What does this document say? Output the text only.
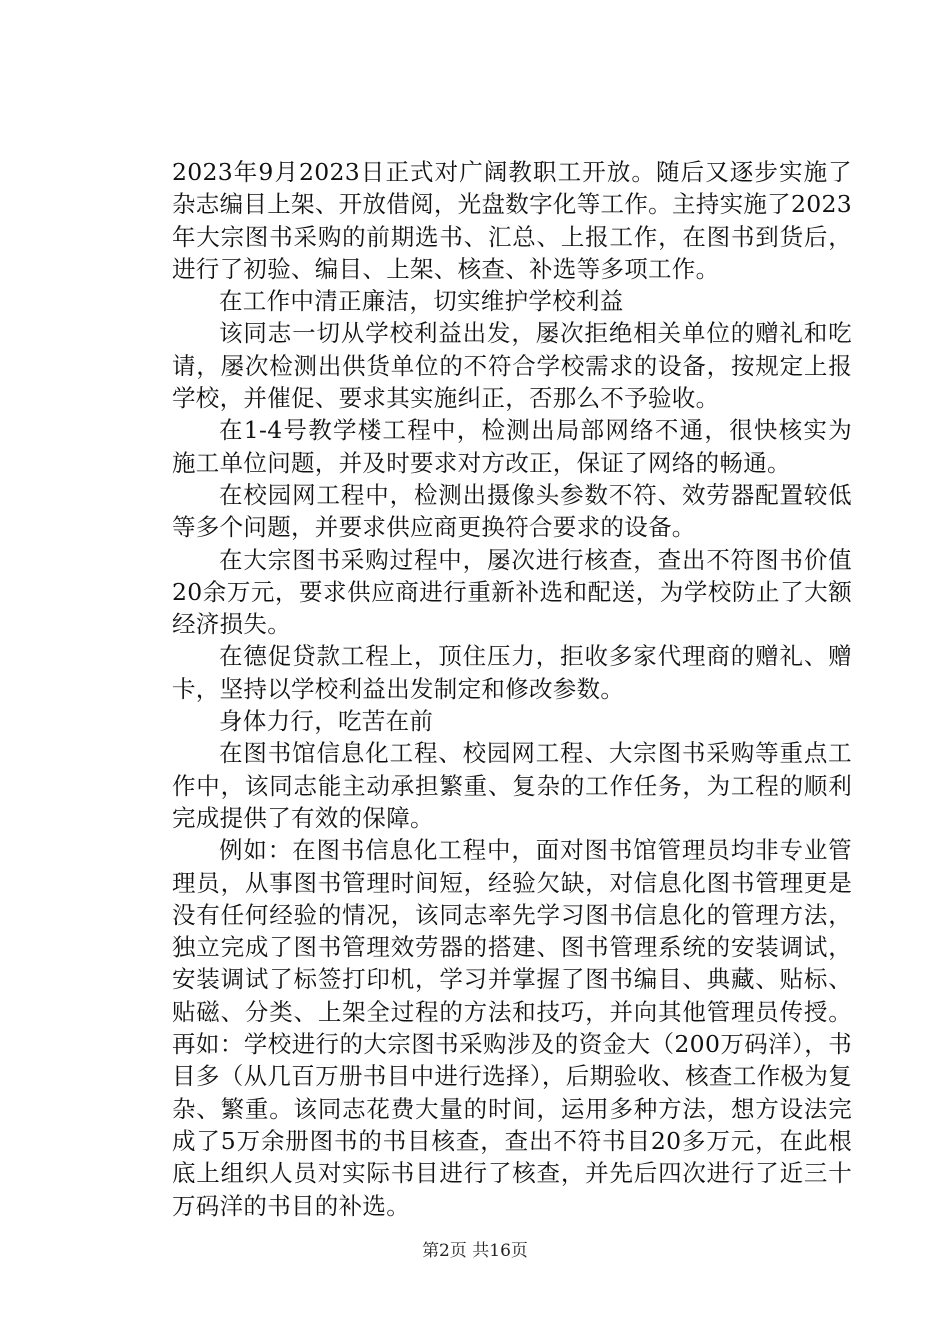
2023年9月2023日正式对广阔教职工开放。随后又逐步实施了杂志编目上架、开放借阅，光盘数字化等工作。主持实施了2023年大宗图书采购的前期选书、汇总、上报工作，在图书到货后，进行了初验、编目、上架、核查、补选等多项工作。

在工作中清正廉洁，切实维护学校利益

该同志一切从学校利益出发，屡次拒绝相关单位的赠礼和吃请，屡次检测出供货单位的不符合学校需求的设备，按规定上报学校，并催促、要求其实施纠正，否那么不予验收。

在1-4号教学楼工程中，检测出局部网络不通，很快核实为施工单位问题，并及时要求对方改正，保证了网络的畅通。

在校园网工程中，检测出摄像头参数不符、效劳器配置较低等多个问题，并要求供应商更换符合要求的设备。

在大宗图书采购过程中，屡次进行核查，查出不符图书价值20余万元，要求供应商进行重新补选和配送，为学校防止了大额经济损失。

在德促贷款工程上，顶住压力，拒收多家代理商的赠礼、赠卡，坚持以学校利益出发制定和修改参数。

身体力行，吃苦在前

在图书馆信息化工程、校园网工程、大宗图书采购等重点工作中，该同志能主动承担繁重、复杂的工作任务，为工程的顺利完成提供了有效的保障。

例如：在图书信息化工程中，面对图书馆管理员均非专业管理员，从事图书管理时间短，经验欠缺，对信息化图书管理更是没有任何经验的情况，该同志率先学习图书信息化的管理方法，独立完成了图书管理效劳器的搭建、图书管理系统的安装调试，安装调试了标签打印机，学习并掌握了图书编目、典藏、贴标、贴磁、分类、上架全过程的方法和技巧，并向其他管理员传授。再如：学校进行的大宗图书采购涉及的资金大（200万码洋），书目多（从几百万册书目中进行选择），后期验收、核查工作极为复杂、繁重。该同志花费大量的时间，运用多种方法，想方设法完成了5万余册图书的书目核查，查出不符书目20多万元，在此根底上组织人员对实际书目进行了核查，并先后四次进行了近三十万码洋的书目的补选。

第2页 共16页
